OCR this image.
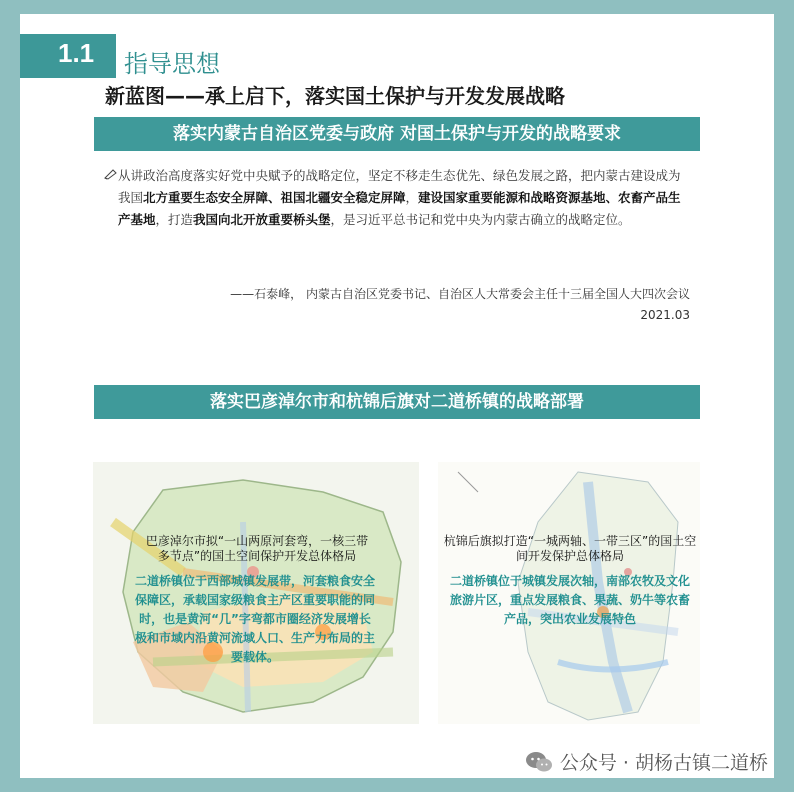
1.1 指导思想
新蓝图——承上启下，落实国土保护与开发发展战略
落实内蒙古自治区党委与政府 对国土保护与开发的战略要求
从讲政治高度落实好党中央赋予的战略定位，坚定不移走生态优先、绿色发展之路，把内蒙古建设成为我国北方重要生态安全屏障、祖国北疆安全稳定屏障，建设国家重要能源和战略资源基地、农畜产品生产基地，打造我国向北开放重要桥头堡，是习近平总书记和党中央为内蒙古确立的战略定位。
——石泰峰， 内蒙古自治区党委书记、自治区人大常委会主任十三届全国人大四次会议
2021.03
落实巴彦淖尔市和杭锦后旗对二道桥镇的战略部署
巴彦淖尔市拟“一山两原河套弯，一核三带多节点”的国土空间保护开发总体格局
二道桥镇位于西部城镇发展带，河套粮食安全保障区，承载国家级粮食主产区重要职能的同时，也是黄河“几”字弯都市圈经济发展增长极和市域内沿黄河流域人口、生产力布局的主要载体。
杭锦后旗拟打造“一城两轴、一带三区”的国土空间开发保护总体格局
二道桥镇位于城镇发展次轴，南部农牧及文化旅游片区，重点发展粮食、果蔬、奶牛等农畜产品，突出农业发展特色
公众号 · 胡杨古镇二道桥
